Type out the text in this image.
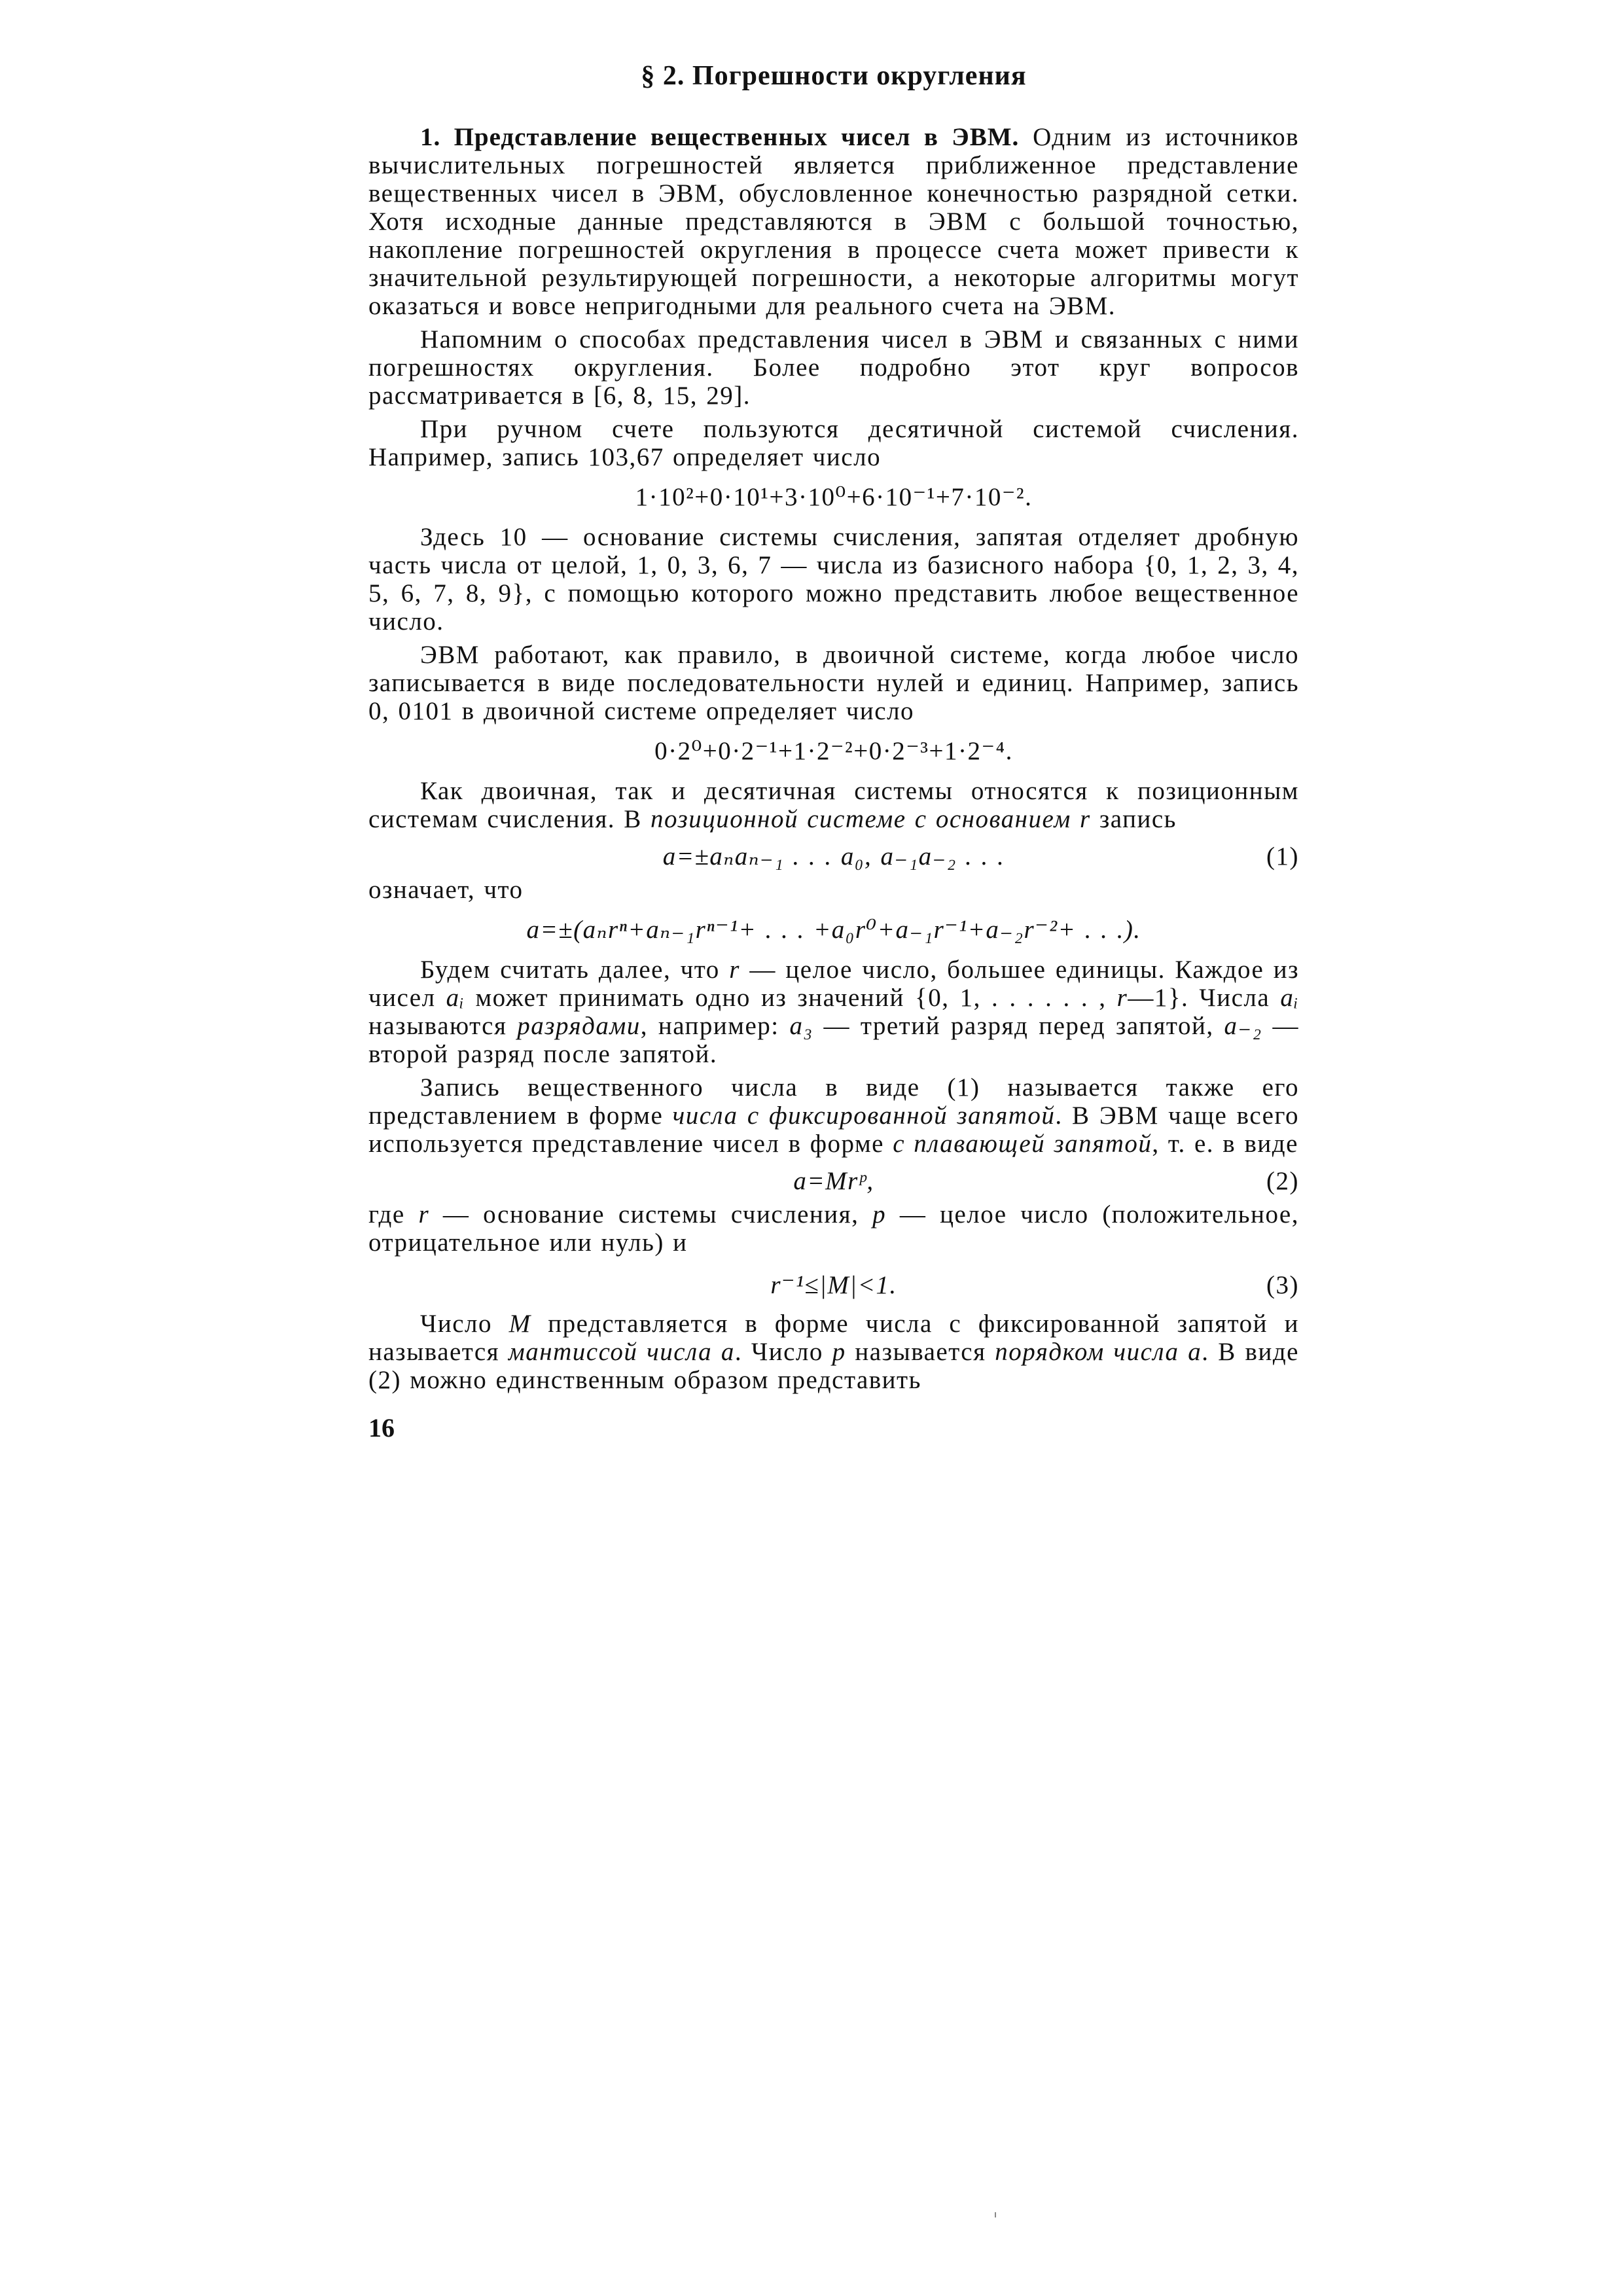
§ 2. Погрешности округления
1. Представление вещественных чисел в ЭВМ. Одним из источников вычислительных погрешностей является приближенное представление вещественных чисел в ЭВМ, обусловленное конечностью разрядной сетки. Хотя исходные данные представляются в ЭВМ с большой точностью, накопление погрешностей округления в процессе счета может привести к значительной результирующей погрешности, а некоторые алгоритмы могут оказаться и вовсе непригодными для реального счета на ЭВМ.
Напомним о способах представления чисел в ЭВМ и связанных с ними погрешностях округления. Более подробно этот круг вопросов рассматривается в [6, 8, 15, 29].
При ручном счете пользуются десятичной системой счисления. Например, запись 103,67 определяет число
1·10²+0·10¹+3·10⁰+6·10⁻¹+7·10⁻².
Здесь 10 — основание системы счисления, запятая отделяет дробную часть числа от целой, 1, 0, 3, 6, 7 — числа из базисного набора {0, 1, 2, 3, 4, 5, 6, 7, 8, 9}, с помощью которого можно представить любое вещественное число.
ЭВМ работают, как правило, в двоичной системе, когда любое число записывается в виде последовательности нулей и единиц. Например, запись 0, 0101 в двоичной системе определяет число
0·2⁰+0·2⁻¹+1·2⁻²+0·2⁻³+1·2⁻⁴.
Как двоичная, так и десятичная системы относятся к позиционным системам счисления. В позиционной системе с основанием r запись
a=±aₙaₙ₋₁ . . . a₀, a₋₁a₋₂ . . .	(1)
означает, что
a=±(aₙrⁿ+aₙ₋₁rⁿ⁻¹+ . . . +a₀r⁰+a₋₁r⁻¹+a₋₂r⁻²+ . . .).
Будем считать далее, что r — целое число, большее единицы. Каждое из чисел aᵢ может принимать одно из значений {0, 1, . . . . . . , r—1}. Числа aᵢ называются разрядами, например: a₃ — третий разряд перед запятой, a₋₂ — второй разряд после запятой.
Запись вещественного числа в виде (1) называется также его представлением в форме числа с фиксированной запятой. В ЭВМ чаще всего используется представление чисел в форме с плавающей запятой, т. е. в виде
a=Mrᵖ,	(2)
где r — основание системы счисления, p — целое число (положительное, отрицательное или нуль) и
r⁻¹≤|M|<1.	(3)
Число M представляется в форме числа с фиксированной запятой и называется мантиссой числа a. Число p называется порядком числа a. В виде (2) можно единственным образом представить
16
